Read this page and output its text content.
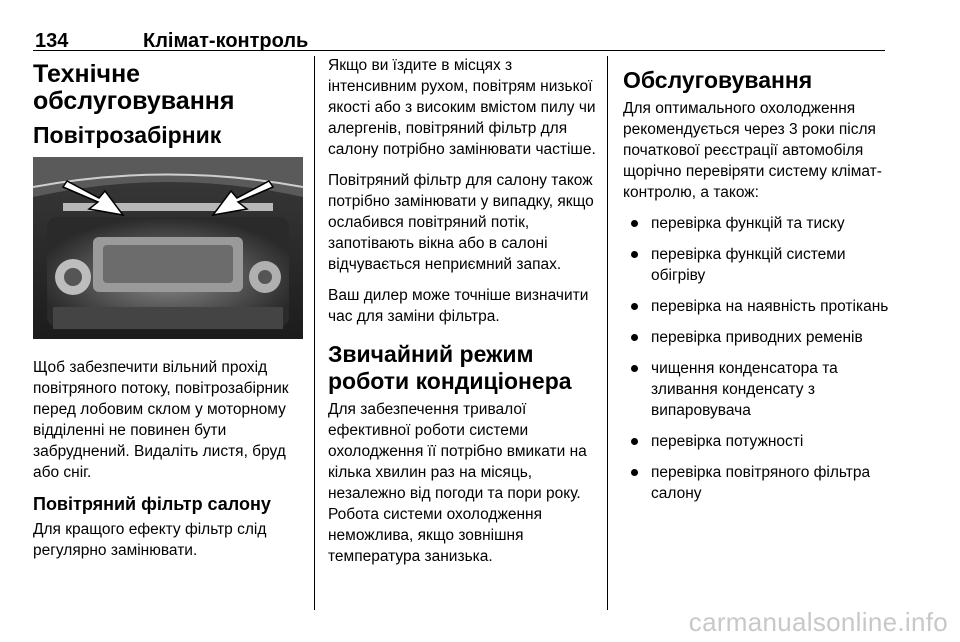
134	Клімат-контроль
Технічне
обслуговування
Повітрозабірник

Щоб забезпечити вільний прохід повітряного потоку, повітрозабірник перед лобовим склом у моторному відділенні не повинен бути забруднений. Видаліть листя, бруд або сніг.

Повітряний фільтр салону

Для кращого ефекту фільтр слід регулярно замінювати.

Якщо ви їздите в місцях з інтенсивним рухом, повітрям низької якості або з високим вмістом пилу чи алергенів, повітряний фільтр для салону потрібно замінювати частіше.

Повітряний фільтр для салону також потрібно замінювати у випадку, якщо ослабився повітряний потік, запотівають вікна або в салоні відчувається неприємний запах.

Ваш дилер може точніше визначити час для заміни фільтра.

Звичайний режим роботи кондиціонера

Для забезпечення тривалої ефективної роботи системи охолодження її потрібно вмикати на кілька хвилин раз на місяць, незалежно від погоди та пори року. Робота системи охолодження неможлива, якщо зовнішня температура занизька.

Обслуговування

Для оптимального охолодження рекомендується через 3 роки після початкової реєстрації автомобіля щорічно перевіряти систему клімат-контролю, а також:

перевірка функцій та тиску
перевірка функцій системи обігріву
перевірка на наявність протікань
перевірка приводних ременів
чищення конденсатора та зливання конденсату з випаровувача
перевірка потужності
перевірка повітряного фільтра салону
carmanualsonline.info
